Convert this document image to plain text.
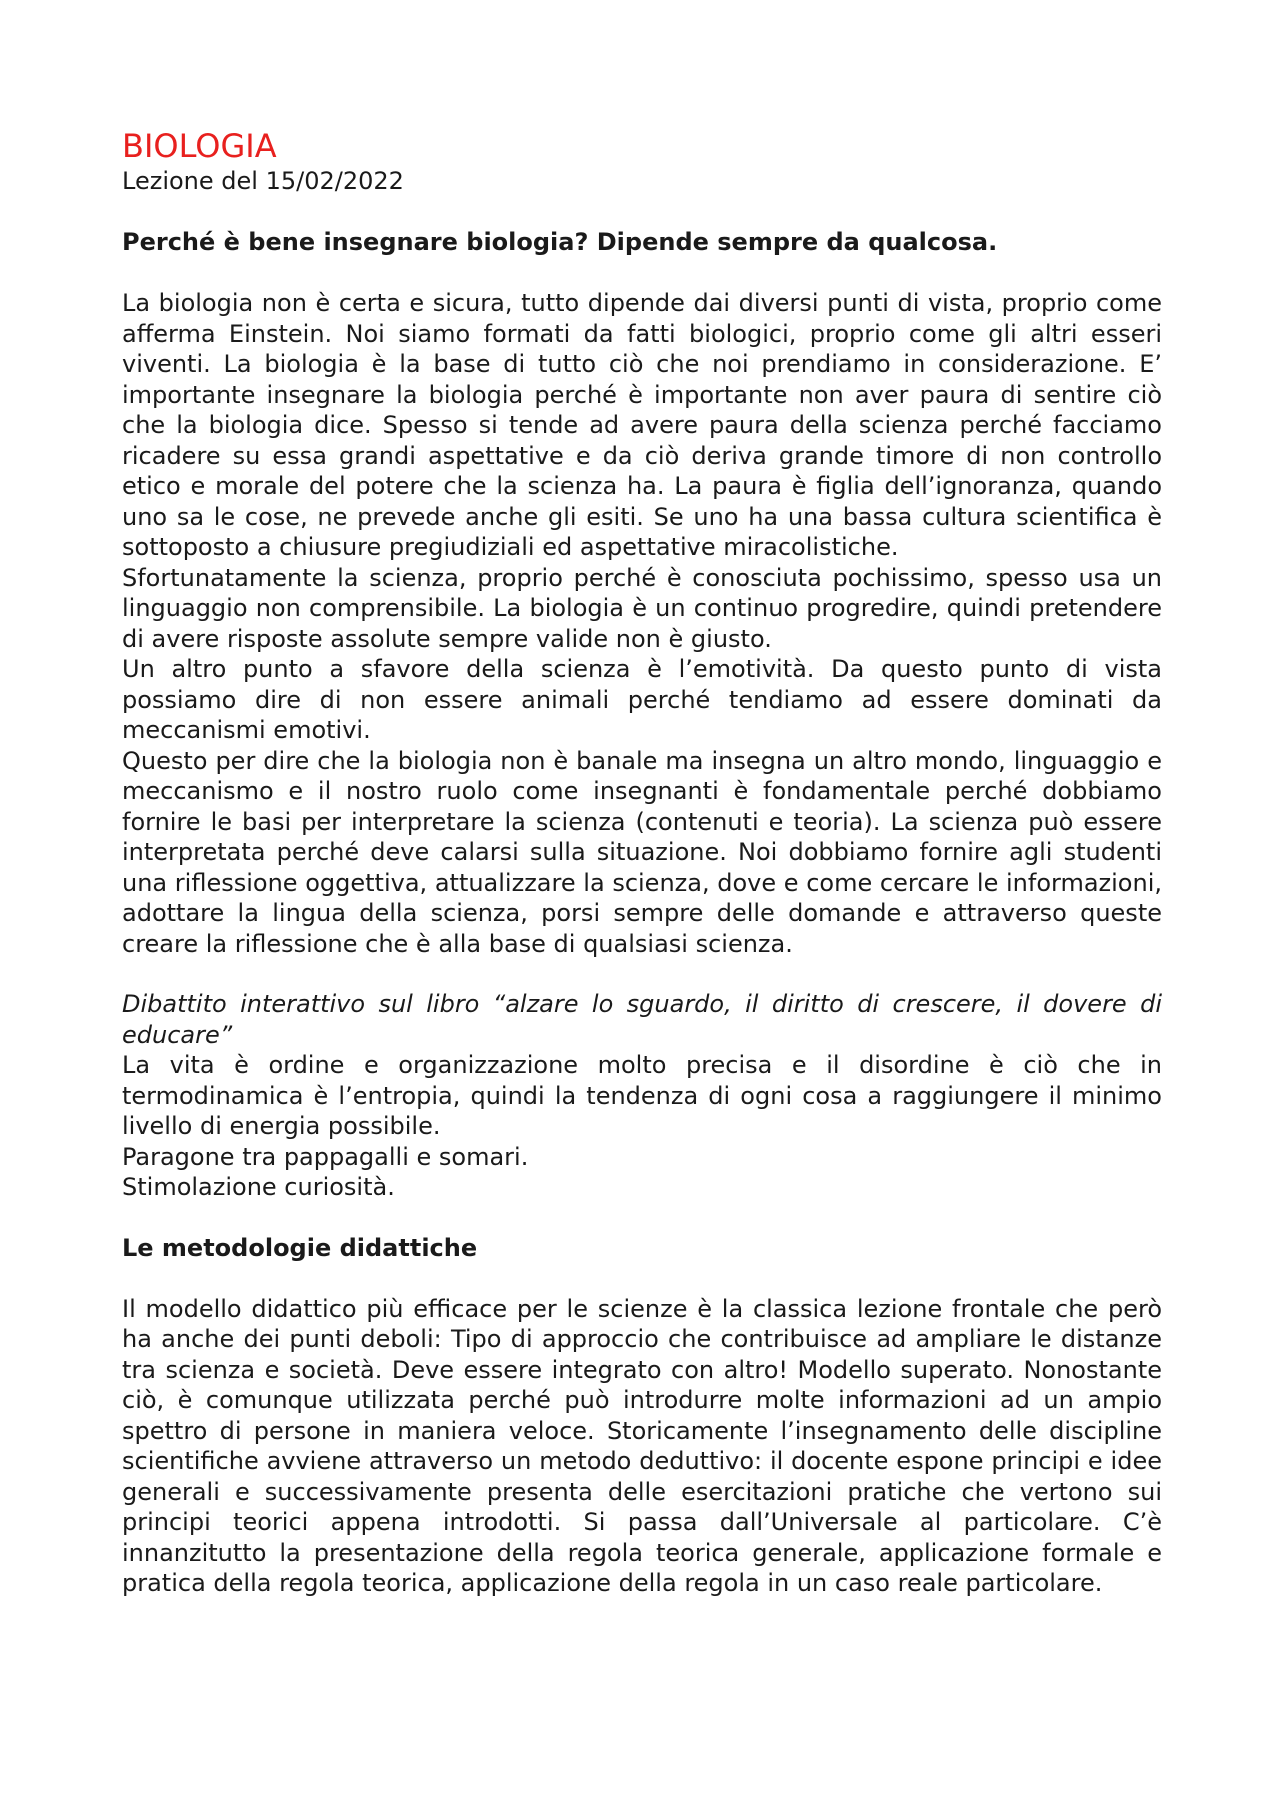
BIOLOGIA
Lezione del 15/02/2022
Perché è bene insegnare biologia? Dipende sempre da qualcosa.

La biologia non è certa e sicura, tutto dipende dai diversi punti di vista, proprio come afferma Einstein. Noi siamo formati da fatti biologici, proprio come gli altri esseri viventi. La biologia è la base di tutto ciò che noi prendiamo in considerazione. E’ importante insegnare la biologia perché è importante non aver paura di sentire ciò che la biologia dice. Spesso si tende ad avere paura della scienza perché facciamo ricadere su essa grandi aspettative e da ciò deriva grande timore di non controllo etico e morale del potere che la scienza ha. La paura è figlia dell’ignoranza, quando uno sa le cose, ne prevede anche gli esiti. Se uno ha una bassa cultura scientifica è sottoposto a chiusure pregiudiziali ed aspettative miracolistiche.

Sfortunatamente la scienza, proprio perché è conosciuta pochissimo, spesso usa un linguaggio non comprensibile. La biologia è un continuo progredire, quindi pretendere di avere risposte assolute sempre valide non è giusto.

Un altro punto a sfavore della scienza è l’emotività. Da questo punto di vista possiamo dire di non essere animali perché tendiamo ad essere dominati da meccanismi emotivi.

Questo per dire che la biologia non è banale ma insegna un altro mondo, linguaggio e meccanismo e il nostro ruolo come insegnanti è fondamentale perché dobbiamo fornire le basi per interpretare la scienza (contenuti e teoria). La scienza può essere interpretata perché deve calarsi sulla situazione. Noi dobbiamo fornire agli studenti una riflessione oggettiva, attualizzare la scienza, dove e come cercare le informazioni, adottare la lingua della scienza, porsi sempre delle domande e attraverso queste creare la riflessione che è alla base di qualsiasi scienza.

Dibattito interattivo sul libro “alzare lo sguardo, il diritto di crescere, il dovere di educare”

La vita è ordine e organizzazione molto precisa e il disordine è ciò che in termodinamica è l’entropia, quindi la tendenza di ogni cosa a raggiungere il minimo livello di energia possibile.

Paragone tra pappagalli e somari.

Stimolazione curiosità.

Le metodologie didattiche

Il modello didattico più efficace per le scienze è la classica lezione frontale che però ha anche dei punti deboli: Tipo di approccio che contribuisce ad ampliare le distanze tra scienza e società. Deve essere integrato con altro! Modello superato. Nonostante ciò, è comunque utilizzata perché può introdurre molte informazioni ad un ampio spettro di persone in maniera veloce. Storicamente l’insegnamento delle discipline scientifiche avviene attraverso un metodo deduttivo: il docente espone principi e idee generali e successivamente presenta delle esercitazioni pratiche che vertono sui principi teorici appena introdotti. Si passa dall’Universale al particolare. C’è innanzitutto la presentazione della regola teorica generale, applicazione formale e pratica della regola teorica, applicazione della regola in un caso reale particolare.
